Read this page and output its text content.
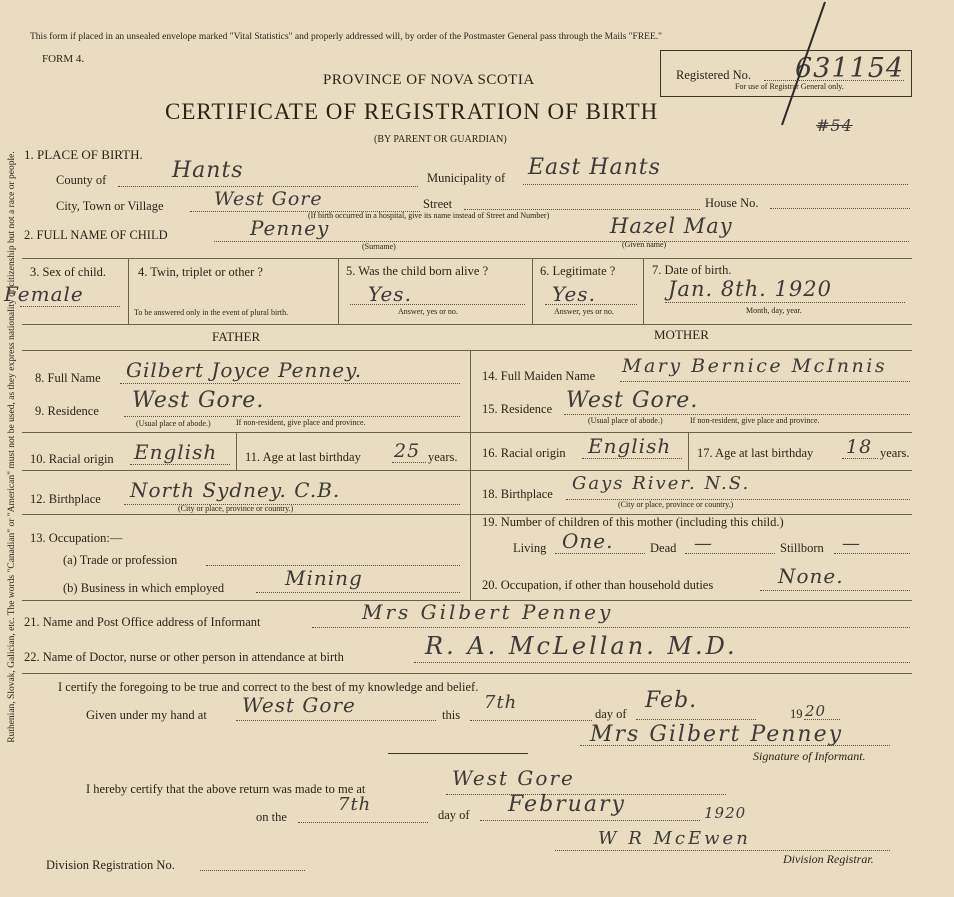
Ruthenian, Slovak, Galician, etc. The words "Canadian" or "American" must not be used, as they express nationality or citizenship but not a race or people.
This form if placed in an unsealed envelope marked "Vital Statistics" and properly addressed will, by order of the Postmaster General pass through the Mails "FREE."
FORM 4.
PROVINCE OF NOVA SCOTIA
CERTIFICATE OF REGISTRATION OF BIRTH
(BY PARENT OR GUARDIAN)
Registered No. 631154
For use of Registrar General only.
#54
1. PLACE OF BIRTH.
County of	Hants	Municipality of East Hants
City, Town or Village	West Gore	Street	House No.
(If birth occurred in a hospital, give its name instead of Street and Number)
2. FULL NAME OF CHILD	Penney	Hazel May
(Surname)	(Given name)
3. Sex of child.
Female
4. Twin, triplet or other ?
To be answered only in the event of plural birth.
5. Was the child born alive ?
Yes.
Answer, yes or no.
6. Legitimate ?
Yes.
Answer, yes or no.
7. Date of birth.
Jan. 8th. 1920
Month, day, year.
FATHER	MOTHER
8. Full Name Gilbert Joyce Penney.
9. Residence West Gore.
(Usual place of abode.)	If non-resident, give place and province.
10. Racial origin English 11. Age at last birthday 25 years.
12. Birthplace North Sydney. C.B.
(City or place, province or country.)
13. Occupation:—
(a) Trade or profession
(b) Business in which employed	Mining
14. Full Maiden Name Mary Bernice McInnis
15. Residence West Gore.
(Usual place of abode.)	If non-resident, give place and province.
16. Racial origin English 17. Age at last birthday 18 years.
18. Birthplace Gays River. N.S.
(City or place, province or country.)
19. Number of children of this mother (including this child.)
Living One.	Dead —	Stillborn —
20. Occupation, if other than household duties	None.
21. Name and Post Office address of Informant	Mrs Gilbert Penney
22. Name of Doctor, nurse or other person in attendance at birth	R. A. McLellan. M.D.
I certify the foregoing to be true and correct to the best of my knowledge and belief.
Given under my hand at West Gore	this
7th
day of
Feb.
19 20
Mrs Gilbert Penney
Signature of Informant.
I hereby certify that the above return was made to me at	West Gore
on the
7th	day of February	1920
W R McEwen
Division Registrar.
Division Registration No.
